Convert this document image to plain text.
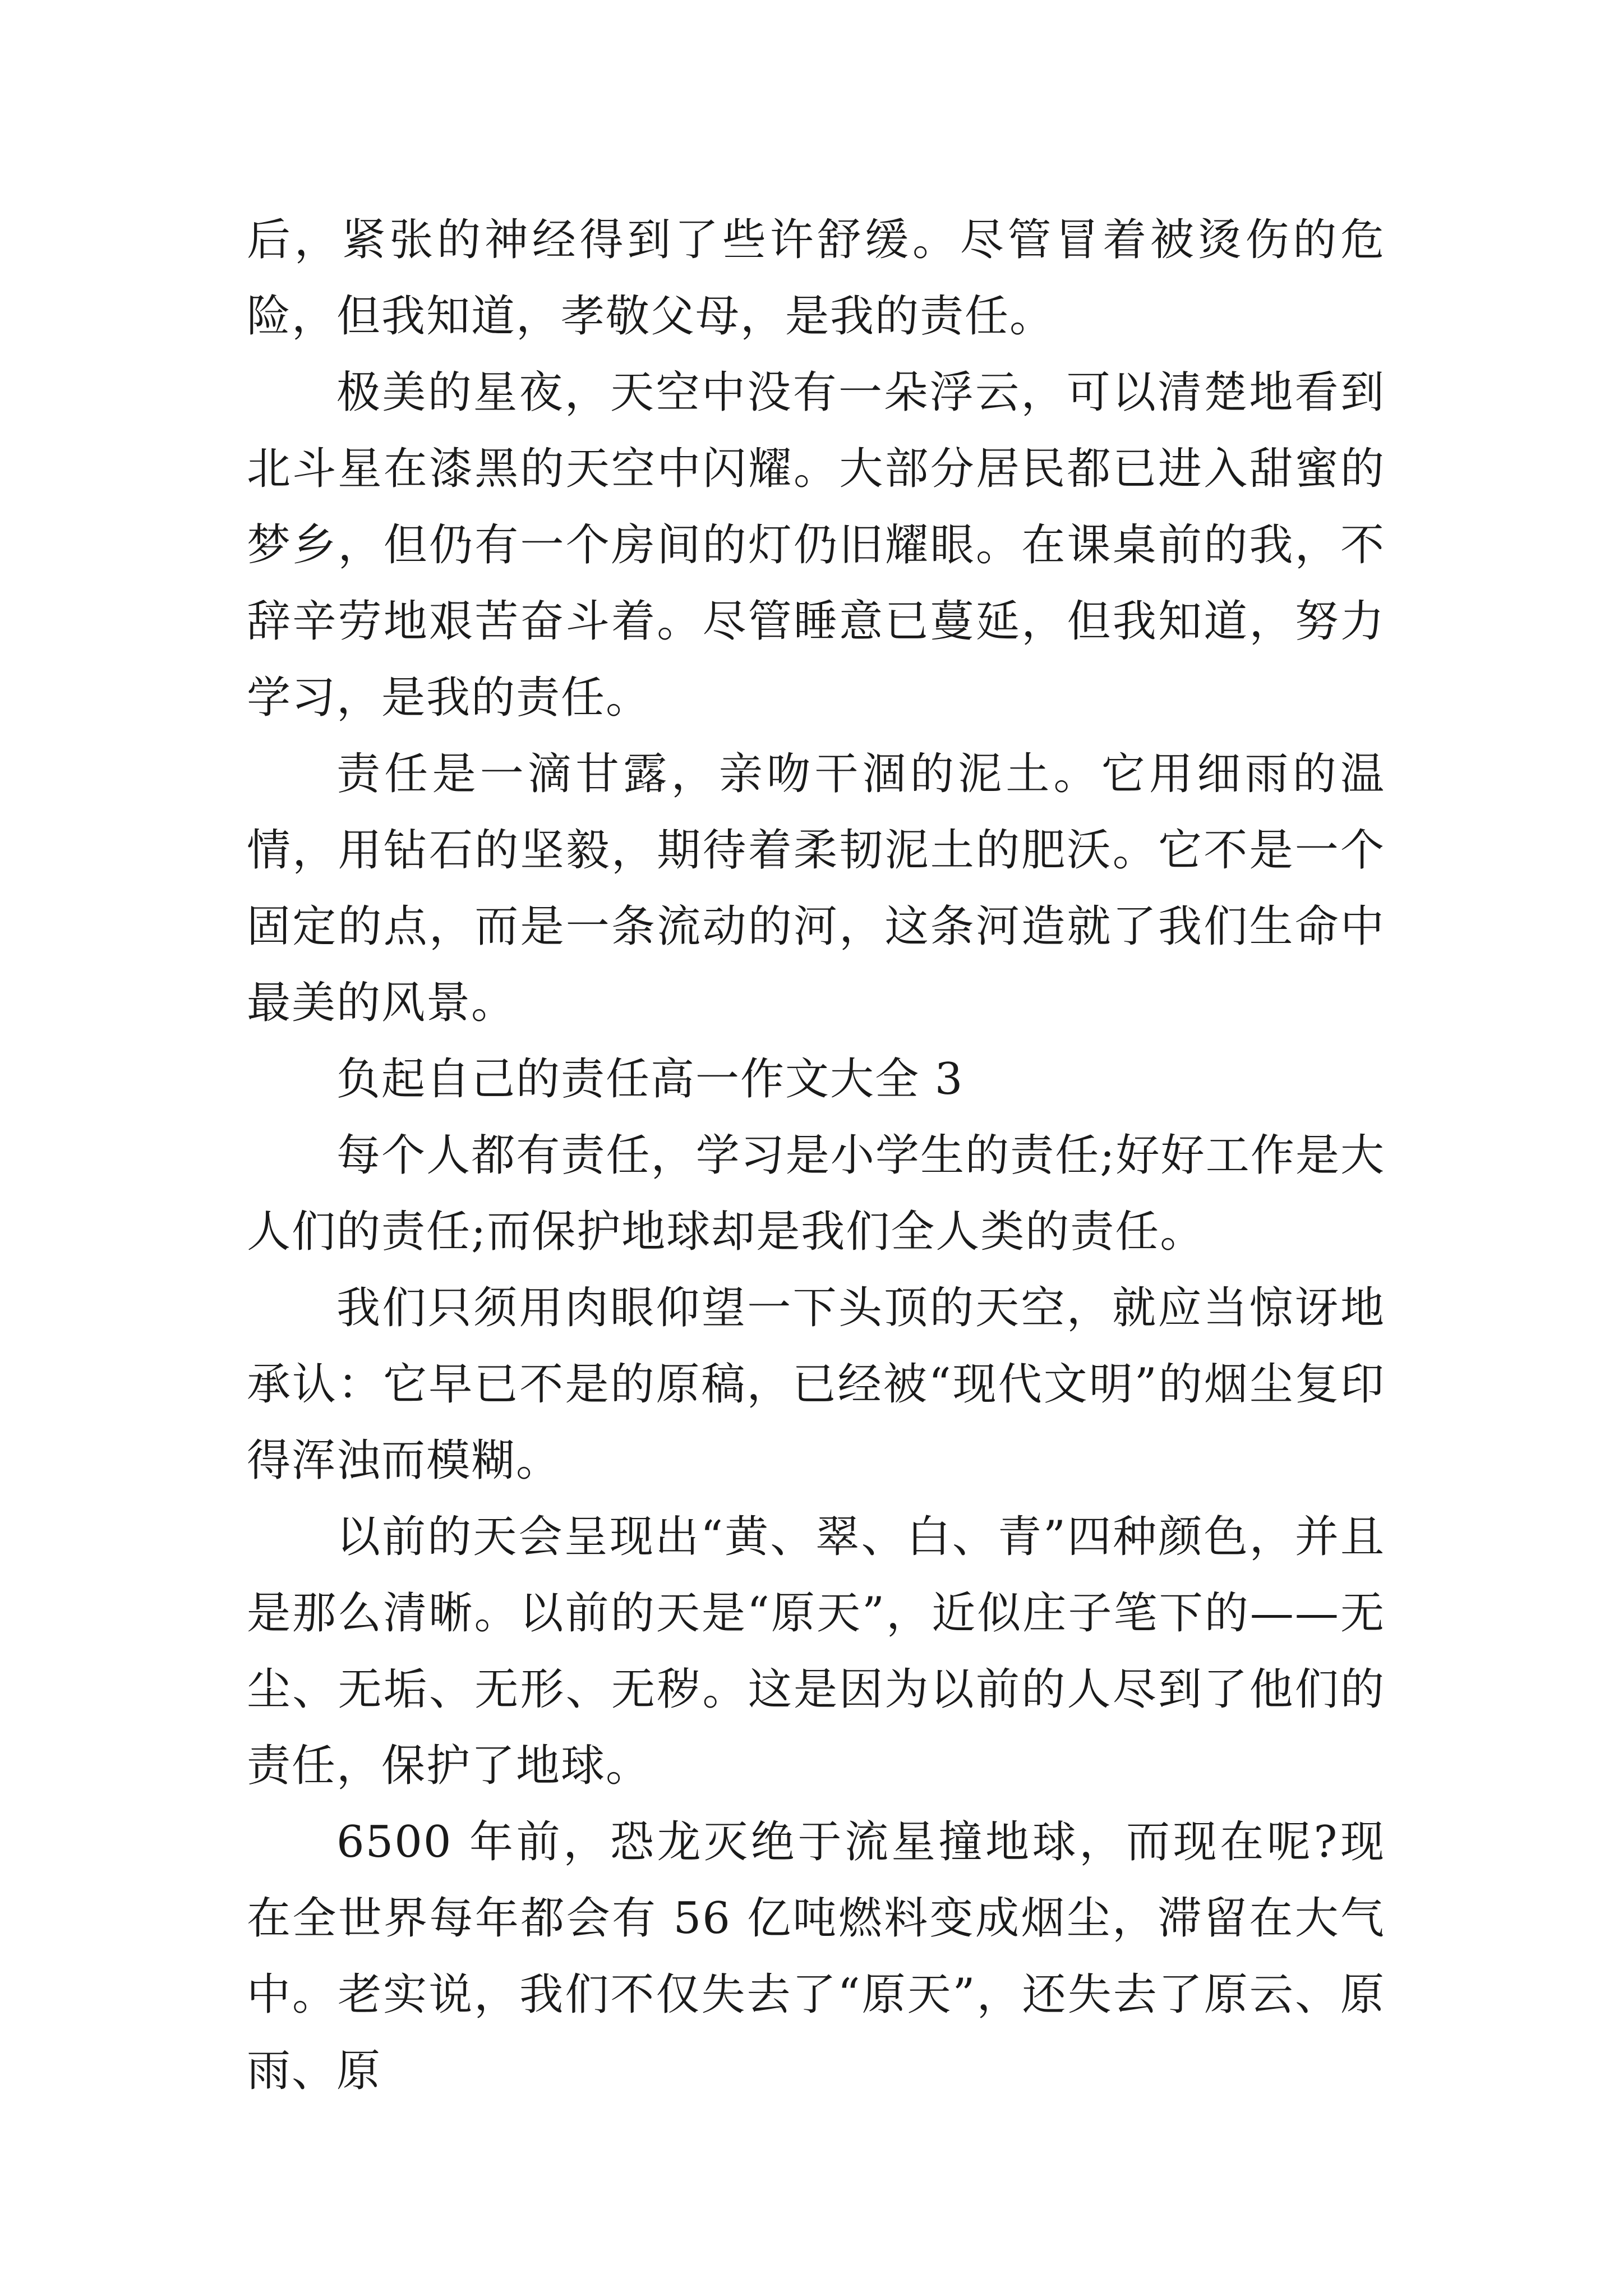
后，紧张的神经得到了些许舒缓。尽管冒着被烫伤的危险，但我知道，孝敬父母，是我的责任。

极美的星夜，天空中没有一朵浮云，可以清楚地看到北斗星在漆黑的天空中闪耀。大部分居民都已进入甜蜜的梦乡，但仍有一个房间的灯仍旧耀眼。在课桌前的我，不辞辛劳地艰苦奋斗着。尽管睡意已蔓延，但我知道，努力学习，是我的责任。

责任是一滴甘露，亲吻干涸的泥土。它用细雨的温情，用钻石的坚毅，期待着柔韧泥土的肥沃。它不是一个固定的点，而是一条流动的河，这条河造就了我们生命中最美的风景。

负起自己的责任高一作文大全 3

每个人都有责任，学习是小学生的责任;好好工作是大人们的责任;而保护地球却是我们全人类的责任。

我们只须用肉眼仰望一下头顶的天空，就应当惊讶地承认：它早已不是的原稿，已经被“现代文明”的烟尘复印得浑浊而模糊。

以前的天会呈现出“黄、翠、白、青”四种颜色，并且是那么清晰。以前的天是“原天”，近似庄子笔下的——无尘、无垢、无形、无秽。这是因为以前的人尽到了他们的责任，保护了地球。

6500 年前，恐龙灭绝于流星撞地球，而现在呢?现在全世界每年都会有 56 亿吨燃料变成烟尘，滞留在大气中。老实说，我们不仅失去了“原天”，还失去了原云、原雨、原
